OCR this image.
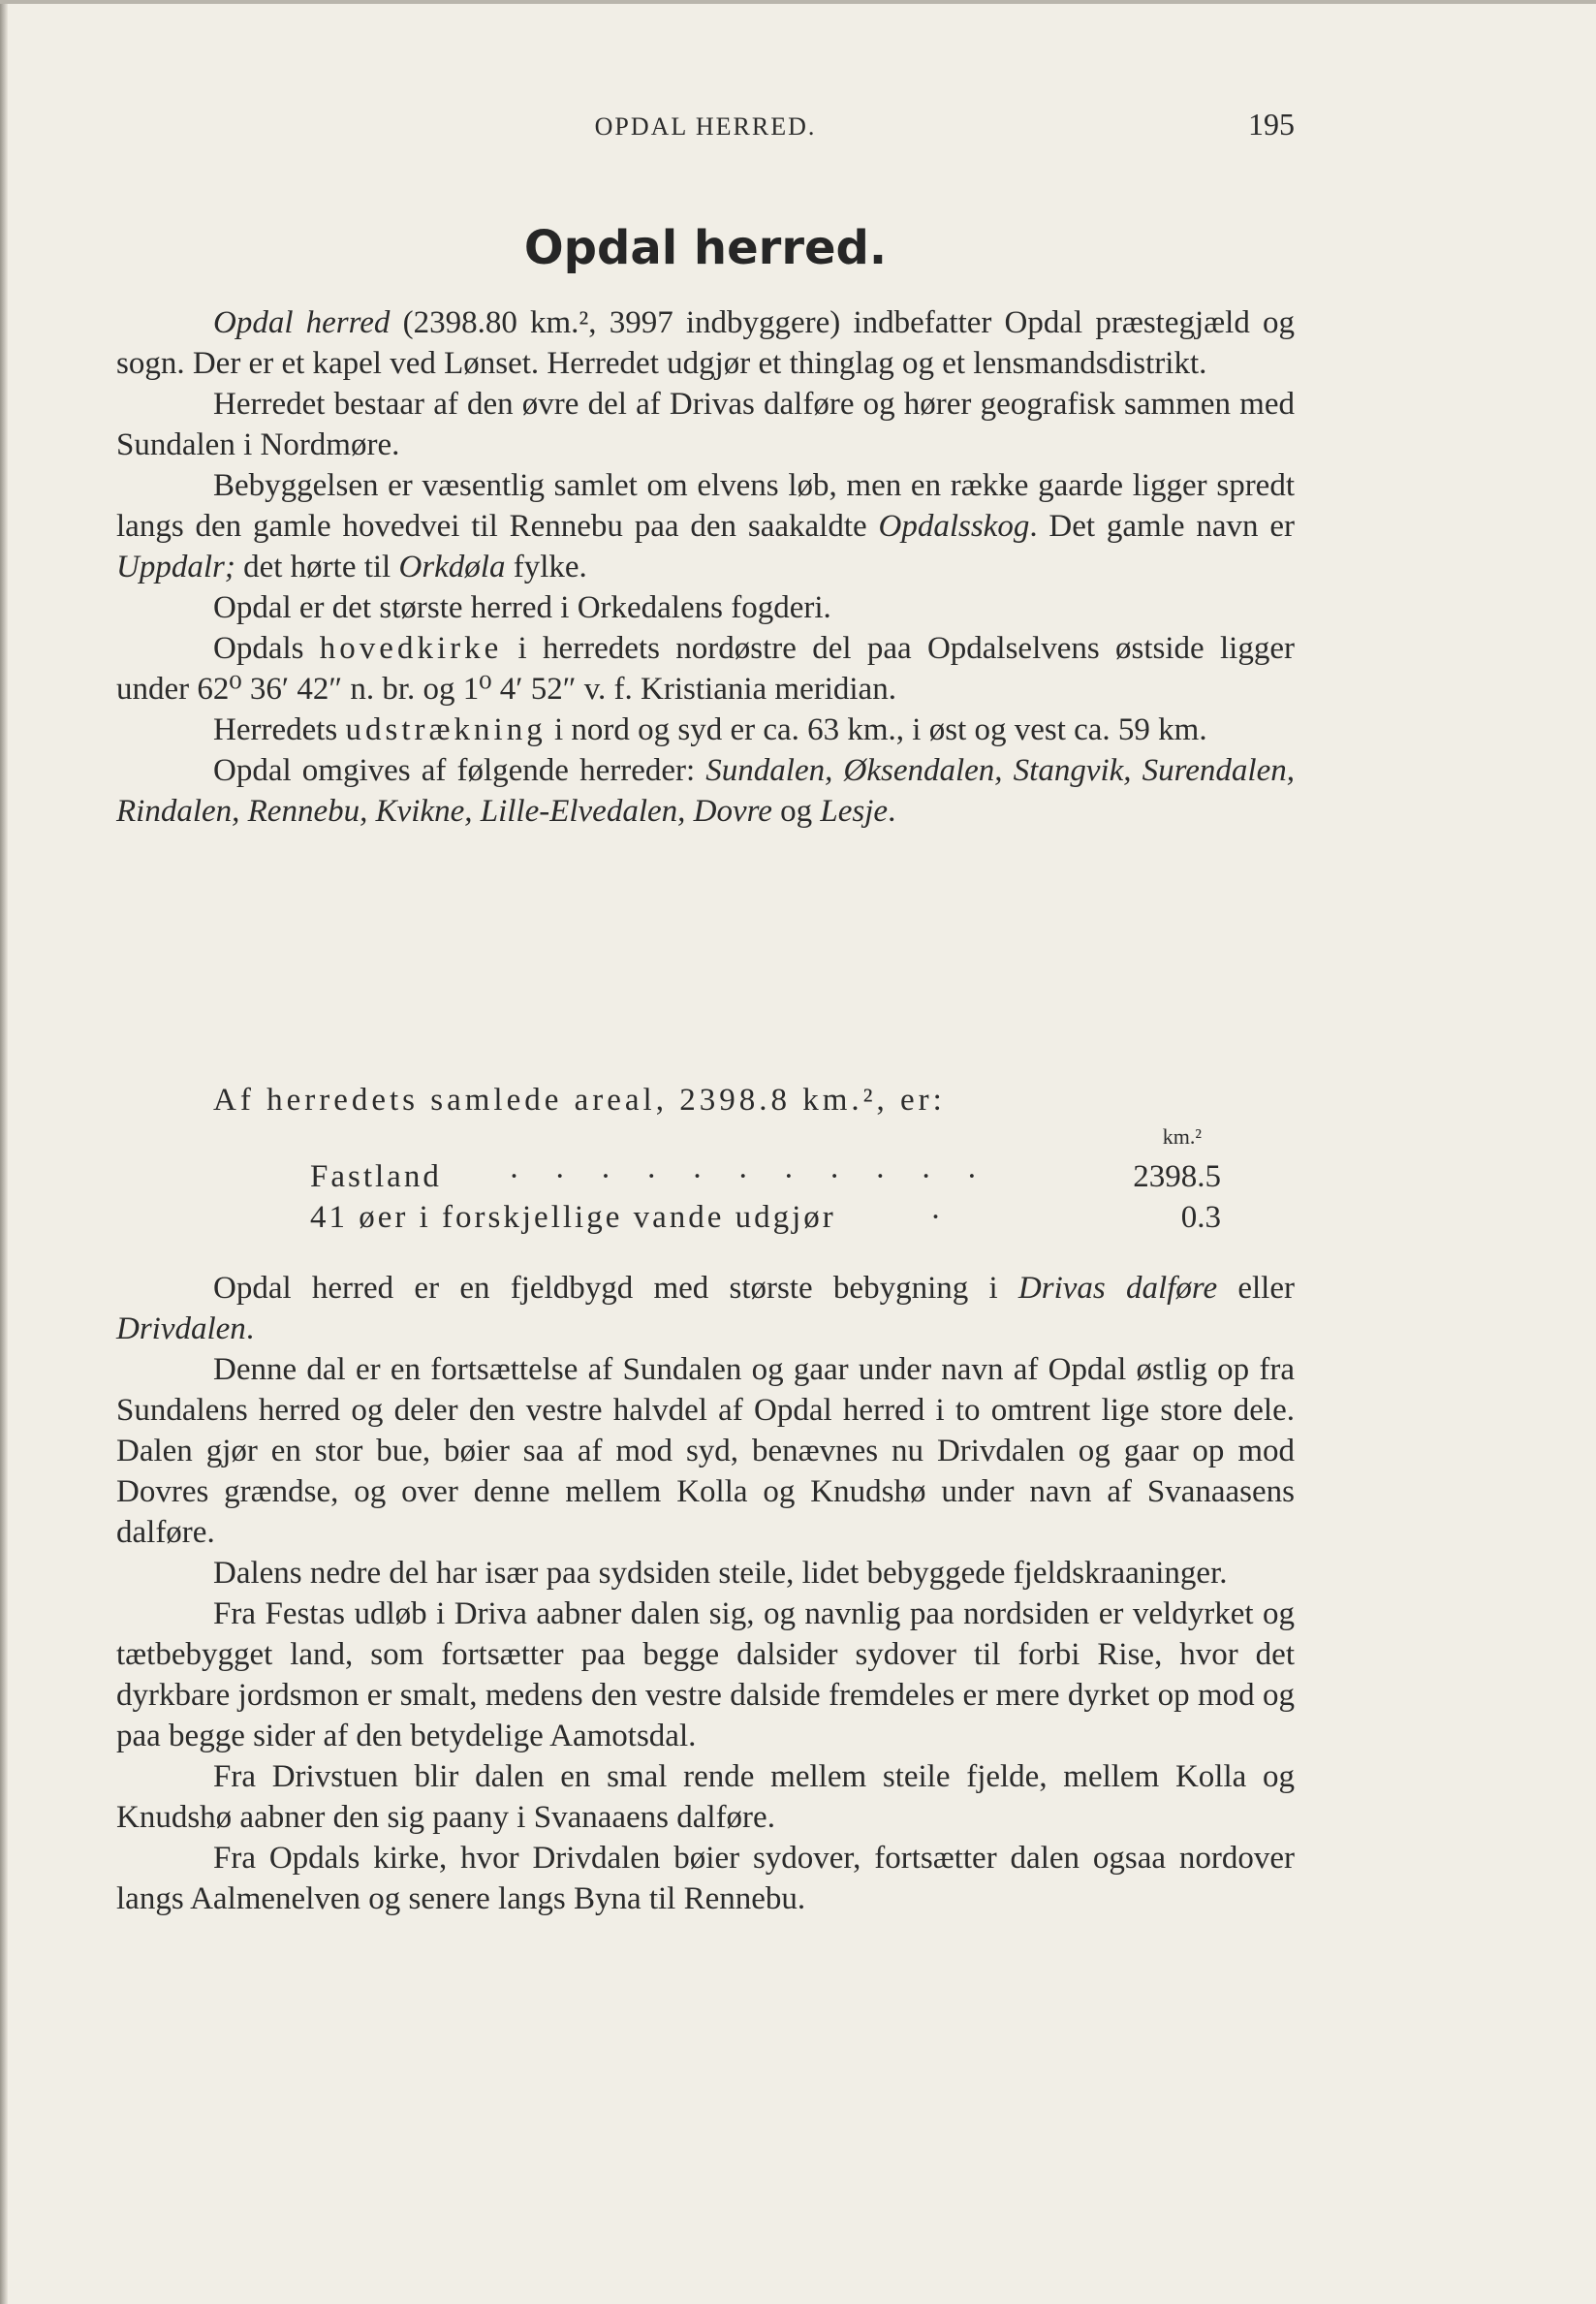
OPDAL HERRED.	195
Opdal herred.

Opdal herred (2398.80 km.², 3997 indbyggere) indbefatter Opdal præstegjæld og sogn. Der er et kapel ved Lønset. Herredet udgjør et thinglag og et lensmandsdistrikt.

Herredet bestaar af den øvre del af Drivas dalføre og hører geografisk sammen med Sundalen i Nordmøre.

Bebyggelsen er væsentlig samlet om elvens løb, men en række gaarde ligger spredt langs den gamle hovedvei til Rennebu paa den saakaldte Opdalsskog. Det gamle navn er Uppdalr; det hørte til Orkdøla fylke.

Opdal er det største herred i Orkedalens fogderi.

Opdals hovedkirke i herredets nordøstre del paa Opdalselvens østside ligger under 62⁰ 36′ 42″ n. br. og 1⁰ 4′ 52″ v. f. Kristiania meridian.

Herredets udstrækning i nord og syd er ca. 63 km., i øst og vest ca. 59 km.

Opdal omgives af følgende herreder: Sundalen, Øksendalen, Stangvik, Surendalen, Rindalen, Rennebu, Kvikne, Lille-Elvedalen, Dovre og Lesje.

Af herredets samlede areal, 2398.8 km.², er:
km.²
Fastland · · · · · · · · · · ·	2398.5
41 øer i forskjellige vande udgjør	·	0.3

Opdal herred er en fjeldbygd med største bebygning i Drivas dalføre eller Drivdalen.

Denne dal er en fortsættelse af Sundalen og gaar under navn af Opdal østlig op fra Sundalens herred og deler den vestre halvdel af Opdal herred i to omtrent lige store dele. Dalen gjør en stor bue, bøier saa af mod syd, benævnes nu Drivdalen og gaar op mod Dovres grændse, og over denne mellem Kolla og Knudshø under navn af Svanaasens dalføre.

Dalens nedre del har især paa sydsiden steile, lidet bebyggede fjeldskraaninger.

Fra Festas udløb i Driva aabner dalen sig, og navnlig paa nordsiden er veldyrket og tætbebygget land, som fortsætter paa begge dalsider sydover til forbi Rise, hvor det dyrkbare jordsmon er smalt, medens den vestre dalside fremdeles er mere dyrket op mod og paa begge sider af den betydelige Aamotsdal.

Fra Drivstuen blir dalen en smal rende mellem steile fjelde, mellem Kolla og Knudshø aabner den sig paany i Svanaaens dalføre.

Fra Opdals kirke, hvor Drivdalen bøier sydover, fortsætter dalen ogsaa nordover langs Aalmenelven og senere langs Byna til Rennebu.
